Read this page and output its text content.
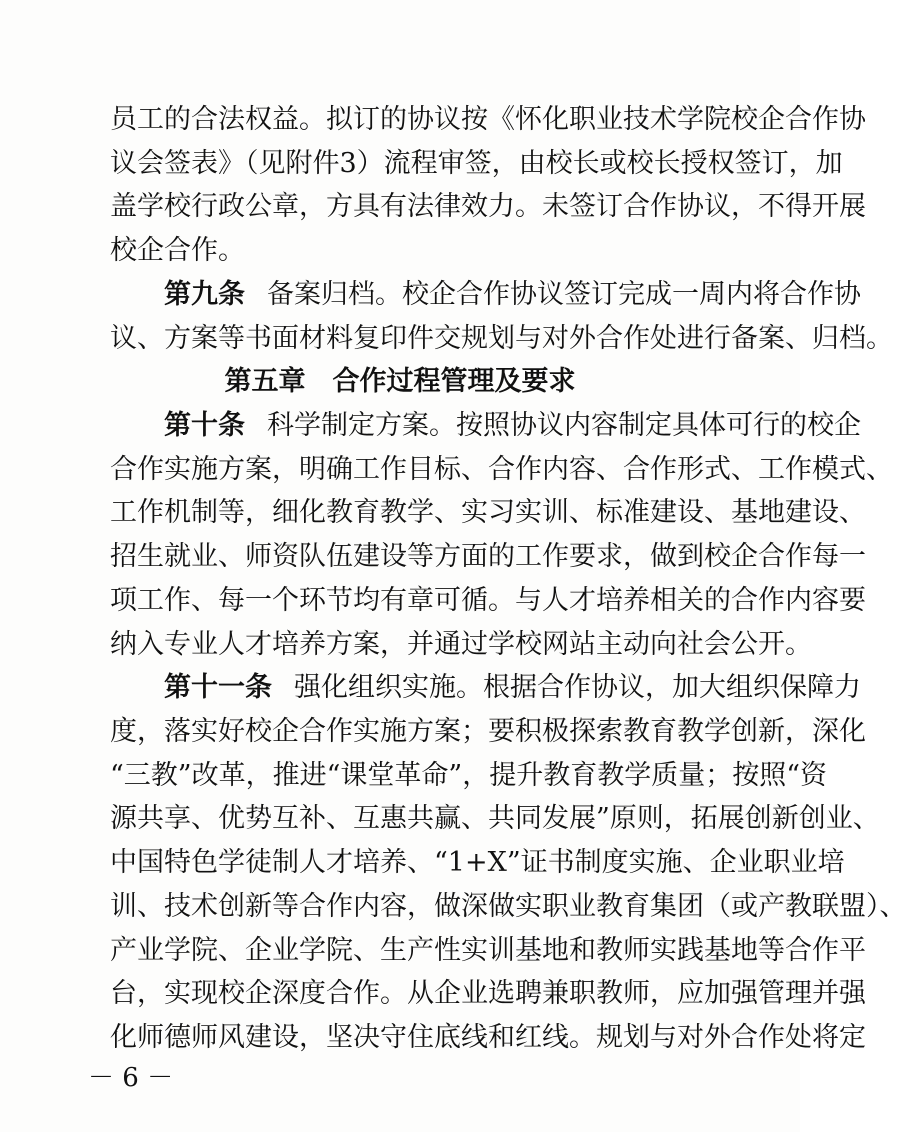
员工的合法权益。拟订的协议按《怀化职业技术学院校企合作协
议会签表》（见附件3）流程审签，由校长或校长授权签订，加
盖学校行政公章，方具有法律效力。未签订合作协议，不得开展
校企合作。
第九条 备案归档。校企合作协议签订完成一周内将合作协
议、方案等书面材料复印件交规划与对外合作处进行备案、归档。
第五章　合作过程管理及要求
第十条 科学制定方案。按照协议内容制定具体可行的校企
合作实施方案，明确工作目标、合作内容、合作形式、工作模式、
工作机制等，细化教育教学、实习实训、标准建设、基地建设、
招生就业、师资队伍建设等方面的工作要求，做到校企合作每一
项工作、每一个环节均有章可循。与人才培养相关的合作内容要
纳入专业人才培养方案，并通过学校网站主动向社会公开。
第十一条 强化组织实施。根据合作协议，加大组织保障力
度，落实好校企合作实施方案；要积极探索教育教学创新，深化
“三教”改革，推进“课堂革命”，提升教育教学质量；按照“资
源共享、优势互补、互惠共赢、共同发展”原则，拓展创新创业、
中国特色学徒制人才培养、“1+X”证书制度实施、企业职业培
训、技术创新等合作内容，做深做实职业教育集团（或产教联盟）、
产业学院、企业学院、生产性实训基地和教师实践基地等合作平
－ 6 －
台，实现校企深度合作。从企业选聘兼职教师，应加强管理并强
化师德师风建设，坚决守住底线和红线。规划与对外合作处将定
